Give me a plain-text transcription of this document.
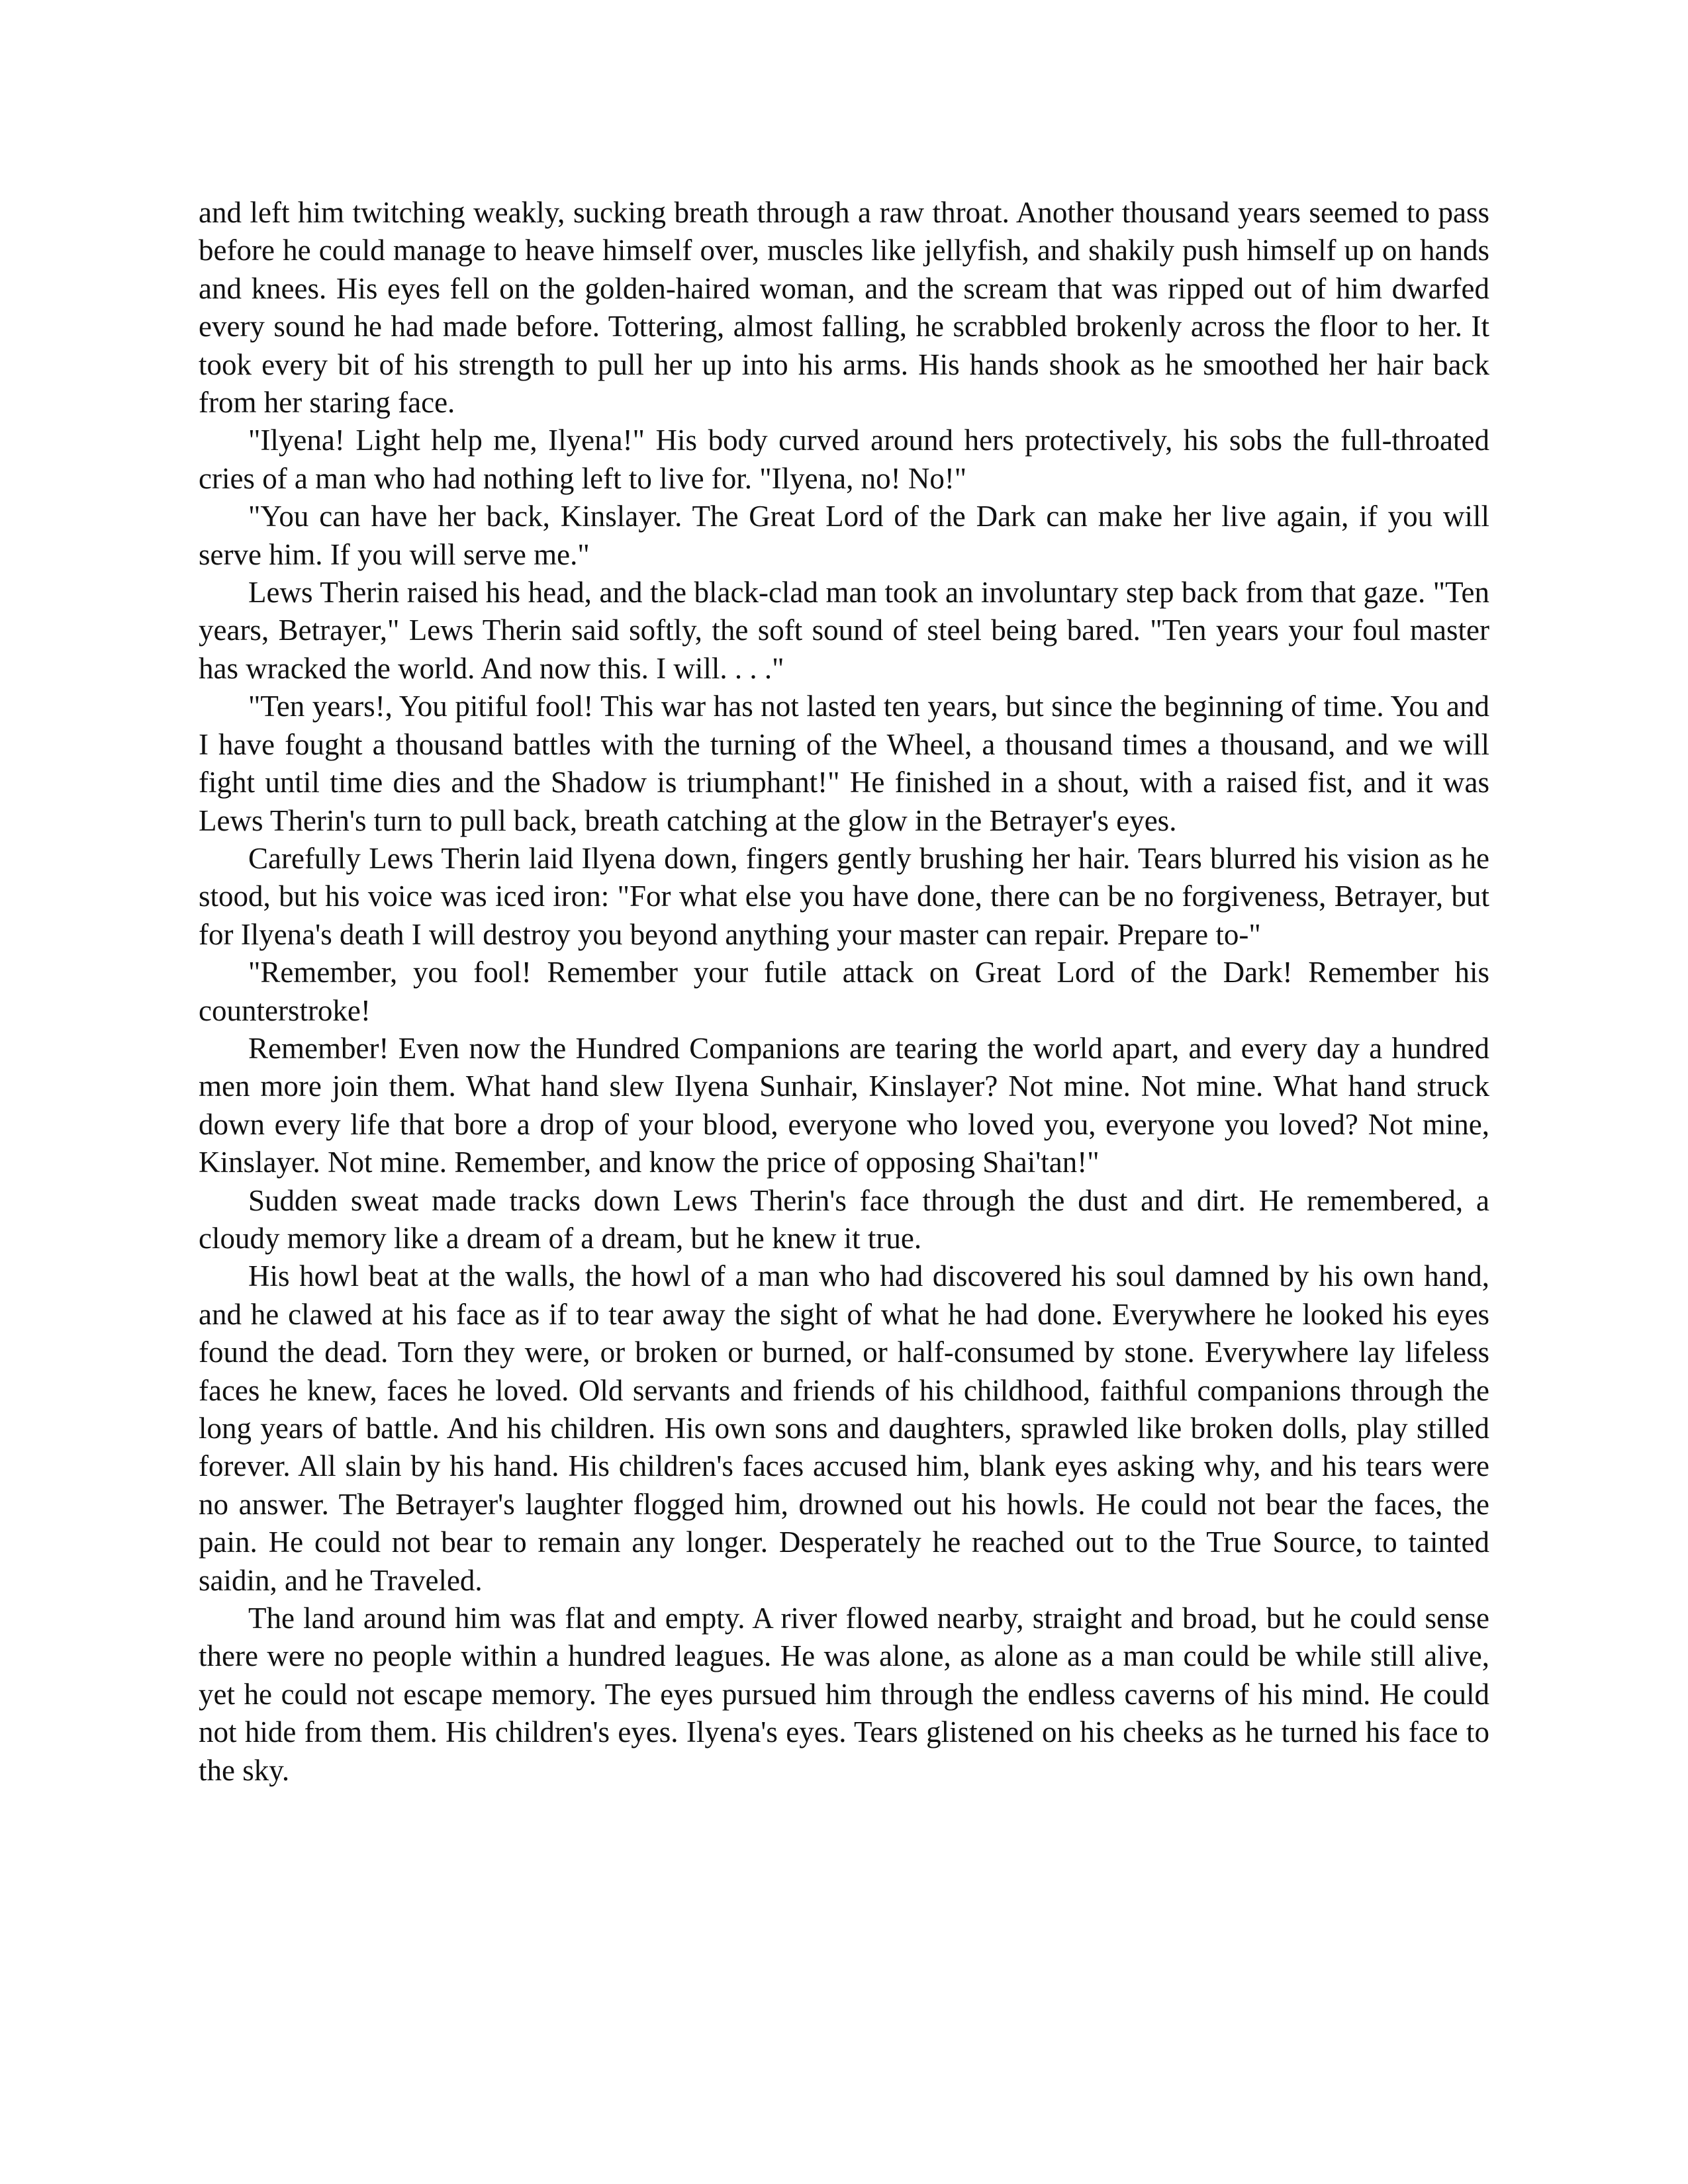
and left him twitching weakly, sucking breath through a raw throat. Another thousand years seemed to pass before he could manage to heave himself over, muscles like jellyfish, and shakily push himself up on hands and knees. His eyes fell on the golden-haired woman, and the scream that was ripped out of him dwarfed every sound he had made before. Tottering, almost falling, he scrabbled brokenly across the floor to her. It took every bit of his strength to pull her up into his arms. His hands shook as he smoothed her hair back from her staring face.

"Ilyena! Light help me, Ilyena!" His body curved around hers protectively, his sobs the full-throated cries of a man who had nothing left to live for. "Ilyena, no! No!"

"You can have her back, Kinslayer. The Great Lord of the Dark can make her live again, if you will serve him. If you will serve me."

Lews Therin raised his head, and the black-clad man took an involuntary step back from that gaze. "Ten years, Betrayer," Lews Therin said softly, the soft sound of steel being bared. "Ten years your foul master has wracked the world. And now this. I will. . . ."

"Ten years!, You pitiful fool! This war has not lasted ten years, but since the beginning of time. You and I have fought a thousand battles with the turning of the Wheel, a thousand times a thousand, and we will fight until time dies and the Shadow is triumphant!" He finished in a shout, with a raised fist, and it was Lews Therin's turn to pull back, breath catching at the glow in the Betrayer's eyes.

Carefully Lews Therin laid Ilyena down, fingers gently brushing her hair. Tears blurred his vision as he stood, but his voice was iced iron: "For what else you have done, there can be no forgiveness, Betrayer, but for Ilyena's death I will destroy you beyond anything your master can repair. Prepare to-"

"Remember, you fool! Remember your futile attack on Great Lord of the Dark! Remember his counterstroke!

Remember! Even now the Hundred Companions are tearing the world apart, and every day a hundred men more join them. What hand slew Ilyena Sunhair, Kinslayer? Not mine. Not mine. What hand struck down every life that bore a drop of your blood, everyone who loved you, everyone you loved? Not mine, Kinslayer. Not mine. Remember, and know the price of opposing Shai'tan!"

Sudden sweat made tracks down Lews Therin's face through the dust and dirt. He remembered, a cloudy memory like a dream of a dream, but he knew it true.

His howl beat at the walls, the howl of a man who had discovered his soul damned by his own hand, and he clawed at his face as if to tear away the sight of what he had done. Everywhere he looked his eyes found the dead. Torn they were, or broken or burned, or half-consumed by stone. Everywhere lay lifeless faces he knew, faces he loved. Old servants and friends of his childhood, faithful companions through the long years of battle. And his children. His own sons and daughters, sprawled like broken dolls, play stilled forever. All slain by his hand. His children's faces accused him, blank eyes asking why, and his tears were no answer. The Betrayer's laughter flogged him, drowned out his howls. He could not bear the faces, the pain. He could not bear to remain any longer. Desperately he reached out to the True Source, to tainted saidin, and he Traveled.

The land around him was flat and empty. A river flowed nearby, straight and broad, but he could sense there were no people within a hundred leagues. He was alone, as alone as a man could be while still alive, yet he could not escape memory. The eyes pursued him through the endless caverns of his mind. He could not hide from them. His children's eyes. Ilyena's eyes. Tears glistened on his cheeks as he turned his face to the sky.
